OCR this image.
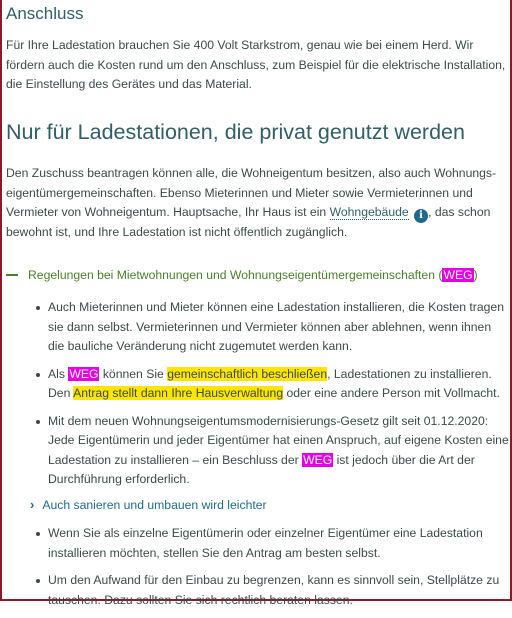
Anschluss

Für Ihre Ladestation brauchen Sie 400 Volt Starkstrom, genau wie bei einem Herd. Wir fördern auch die Kosten rund um den Anschluss, zum Beispiel für die elektrische Installation, die Einstellung des Gerätes und das Material.

Nur für Ladestationen, die privat genutzt werden

Den Zuschuss beantragen können alle, die Wohneigentum besitzen, also auch Wohnungs-eigentümergemeinschaften. Ebenso Mieterinnen und Mieter sowie Vermieterinnen und Vermieter von Wohneigentum. Hauptsache, Ihr Haus ist ein Wohngebäude i , das schon bewohnt ist, und Ihre Ladestation ist nicht öffentlich zugänglich.

Regelungen bei Mietwohnungen und Wohnungseigentümergemeinschaften (WEG)
Auch Mieterinnen und Mieter können eine Ladestation installieren, die Kosten tragen sie dann selbst. Vermieterinnen und Vermieter können aber ablehnen, wenn ihnen die bauliche Veränderung nicht zugemutet werden kann.
Als WEG können Sie gemeinschaftlich beschließen, Ladestationen zu installieren. Den Antrag stellt dann Ihre Hausverwaltung oder eine andere Person mit Vollmacht.
Mit dem neuen Wohnungseigentumsmodernisierungs-Gesetz gilt seit 01.12.2020: Jede Eigentümerin und jeder Eigentümer hat einen Anspruch, auf eigene Kosten eine Ladestation zu installieren – ein Beschluss der WEG ist jedoch über die Art der Durchführung erforderlich.
› Auch sanieren und umbauen wird leichter
Wenn Sie als einzelne Eigentümerin oder einzelner Eigentümer eine Ladestation installieren möchten, stellen Sie den Antrag am besten selbst.
Um den Aufwand für den Einbau zu begrenzen, kann es sinnvoll sein, Stellplätze zu tauschen. Dazu sollten Sie sich rechtlich beraten lassen.
